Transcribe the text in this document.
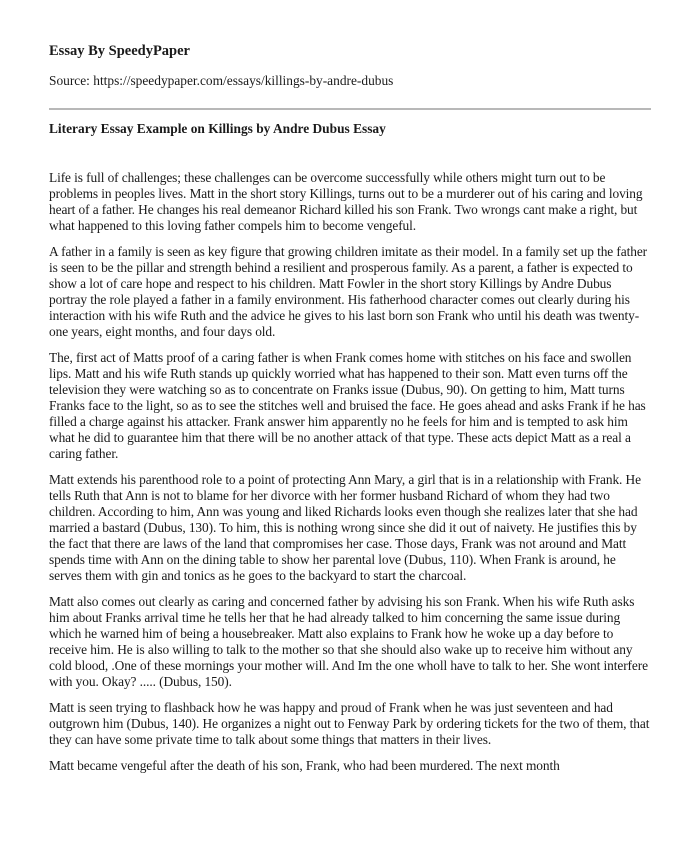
Essay By SpeedyPaper
Source: https://speedypaper.com/essays/killings-by-andre-dubus
Literary Essay Example on Killings by Andre Dubus Essay

Life is full of challenges; these challenges can be overcome successfully while others might turn out to be problems in peoples lives. Matt in the short story Killings, turns out to be a murderer out of his caring and loving heart of a father. He changes his real demeanor Richard killed his son Frank. Two wrongs cant make a right, but what happened to this loving father compels him to become vengeful.

A father in a family is seen as key figure that growing children imitate as their model. In a family set up the father is seen to be the pillar and strength behind a resilient and prosperous family. As a parent, a father is expected to show a lot of care hope and respect to his children. Matt Fowler in the short story Killings by Andre Dubus portray the role played a father in a family environment. His fatherhood character comes out clearly during his interaction with his wife Ruth and the advice he gives to his last born son Frank who until his death was twenty-one years, eight months, and four days old.

The, first act of Matts proof of a caring father is when Frank comes home with stitches on his face and swollen lips. Matt and his wife Ruth stands up quickly worried what has happened to their son. Matt even turns off the television they were watching so as to concentrate on Franks issue (Dubus, 90). On getting to him, Matt turns Franks face to the light, so as to see the stitches well and bruised the face. He goes ahead and asks Frank if he has filled a charge against his attacker. Frank answer him apparently no he feels for him and is tempted to ask him what he did to guarantee him that there will be no another attack of that type. These acts depict Matt as a real a caring father.

Matt extends his parenthood role to a point of protecting Ann Mary, a girl that is in a relationship with Frank. He tells Ruth that Ann is not to blame for her divorce with her former husband Richard of whom they had two children. According to him, Ann was young and liked Richards looks even though she realizes later that she had married a bastard (Dubus, 130). To him, this is nothing wrong since she did it out of naivety. He justifies this by the fact that there are laws of the land that compromises her case. Those days, Frank was not around and Matt spends time with Ann on the dining table to show her parental love (Dubus, 110). When Frank is around, he serves them with gin and tonics as he goes to the backyard to start the charcoal.

Matt also comes out clearly as caring and concerned father by advising his son Frank. When his wife Ruth asks him about Franks arrival time he tells her that he had already talked to him concerning the same issue during which he warned him of being a housebreaker. Matt also explains to Frank how he woke up a day before to receive him. He is also willing to talk to the mother so that she should also wake up to receive him without any cold blood, .One of these mornings your mother will. And Im the one wholl have to talk to her. She wont interfere with you. Okay? ..... (Dubus, 150).

Matt is seen trying to flashback how he was happy and proud of Frank when he was just seventeen and had outgrown him (Dubus, 140). He organizes a night out to Fenway Park by ordering tickets for the two of them, that they can have some private time to talk about some things that matters in their lives.

Matt became vengeful after the death of his son, Frank, who had been murdered. The next month
